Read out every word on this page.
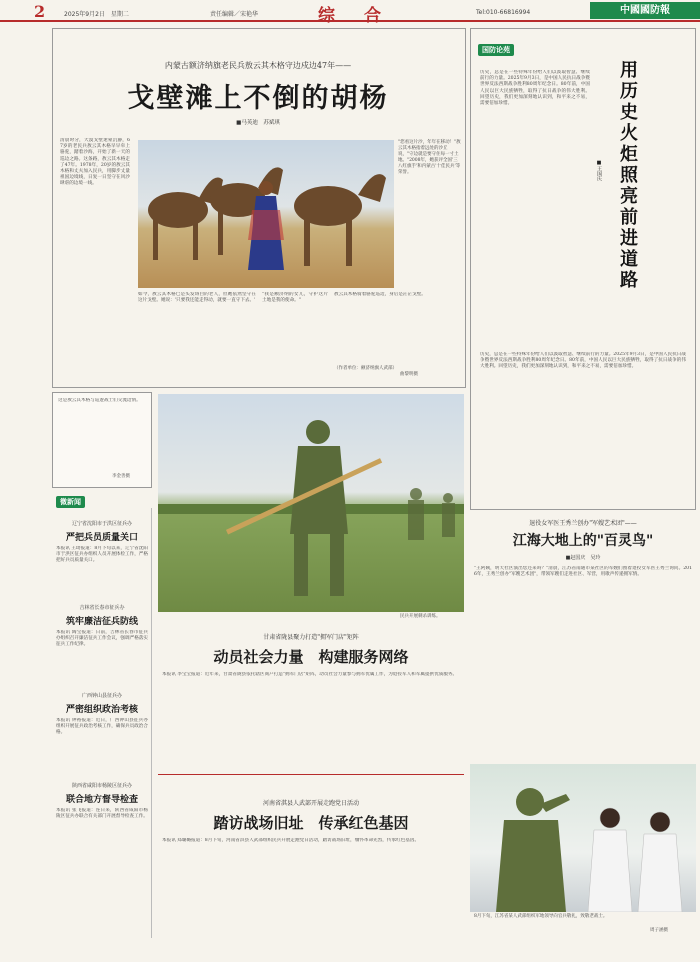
2	2025年9月2日　星期二	责任编辑／宋艳华	综　合	Tel:010-66816994	中國國防報
内蒙古额济纳旗老民兵敖云其木格守边戍边47年——
戈壁滩上不倒的胡杨
■马英迪　苏斌琪
清晨时分，大漠戈壁迷蒙沉静，67岁的老民兵敖云其木格早早牵上骆驼，踏着沙海，开始了新一天的巡边之路。这条路，敖云其木格走了47年。1978年，20岁的敖云其木格和丈夫加入民兵，用脚步丈量祖国边境线，日复一日坚守在风沙肆虐的边境一线。
"您看这片沙，年年在移动！"敖云其木格指着远处的沙丘说，"守边就是要守住每一寸土地。"2008年，她获评全国'三八红旗手'和内蒙古'十佳民兵'等荣誉。
曲黎明摄
如今，敖云其木格已是头发斑白的老人，但她依然坚守在这片戈壁。她说：'只要我还能走得动，就要一直守下去。'
"我是额济纳的女儿，守护这片土地是我的使命。"
敖云其木格骑着骆驼巡边，身后是茫茫戈壁。
（作者单位：额济纳旗人武部）
国防论苑
用历史火炬照亮前进道路
■王国庆
历史，总是在一些特殊年份给人们以汲取智慧、继续前行的力量。2025年9月3日，是中国人民抗日战争暨世界反法西斯战争胜利80周年纪念日。80年前，中国人民以巨大民族牺牲，取得了抗日战争的伟大胜利。回望历史，我们更加深刻地认识到，和平来之不易，需要倍加珍惜。
历史，总是在一些特殊年份给人们以汲取智慧、继续前行的力量。2025年9月3日，是中国人民抗日战争暨世界反法西斯战争胜利80周年纪念日。80年前，中国人民以巨大民族牺牲，取得了抗日战争的伟大胜利。回望历史，我们更加深刻地认识到，和平来之不易，需要倍加珍惜。
这是敖云其木格与巡逻战士们交流边情。
李金善摄
微新闻
辽宁省沈阳市于洪区征兵办
严把兵员质量关口
本报讯 王琦报道：8月下旬以来，辽宁省沈阳市于洪区征兵办组织人员开展体检工作，严格把好兵员质量关口。
吉林省长春市征兵办
筑牢廉洁征兵防线
本报讯 陶宝报道：日前，吉林省长春市征兵办组织召开廉洁征兵工作会议，强调严格落实征兵工作纪律。
广西钟山县征兵办
严密组织政治考核
本报讯 钟裕报道：近日，广西钟山县征兵办组织开展征兵政治考核工作，确保兵员政治合格。
陕西省咸阳市杨陵区征兵办
联合地方督导检查
本报讯 张飞报道：连日来，陕西省咸阳市杨陵区征兵办联合有关部门开展督导检查工作。
民兵开展刺杀训练。
甘肃省陇县聚力打造"拥军门店"矩阵
动员社会力量　构建服务网络
本报讯 李宝宝报道：近年来，甘肃省陇县依托辖区商户打造"拥军门店"矩阵，动员社会力量参与拥军优属工作，为退役军人和军属提供优质服务。
河南省淇县人武部开展走跑党日活动
踏访战场旧址　传承红色基因
本报讯 郑璐璐报道：8月下旬，河南省淇县人武部组织民兵开展走跑党日活动，踏访战场旧址，缅怀革命先烈，传承红色基因。
退役女军医王秀兰创办"军嫂艺术团"——
江海大地上的"百灵鸟"
■赵国庆　吴玲
"王阿姨，明天社区演出您还来吗？"清晨，江苏省南通市某社区的军嫂们围着退役女军医王秀兰询问。2016年，王秀兰创办"军嫂艺术团"，带领军嫂们走进社区、军营，用歌声传递拥军情。
8月下旬，江苏省某人武部组织军地领导向官兵敬礼，致敬老战士。
周子涵摄
